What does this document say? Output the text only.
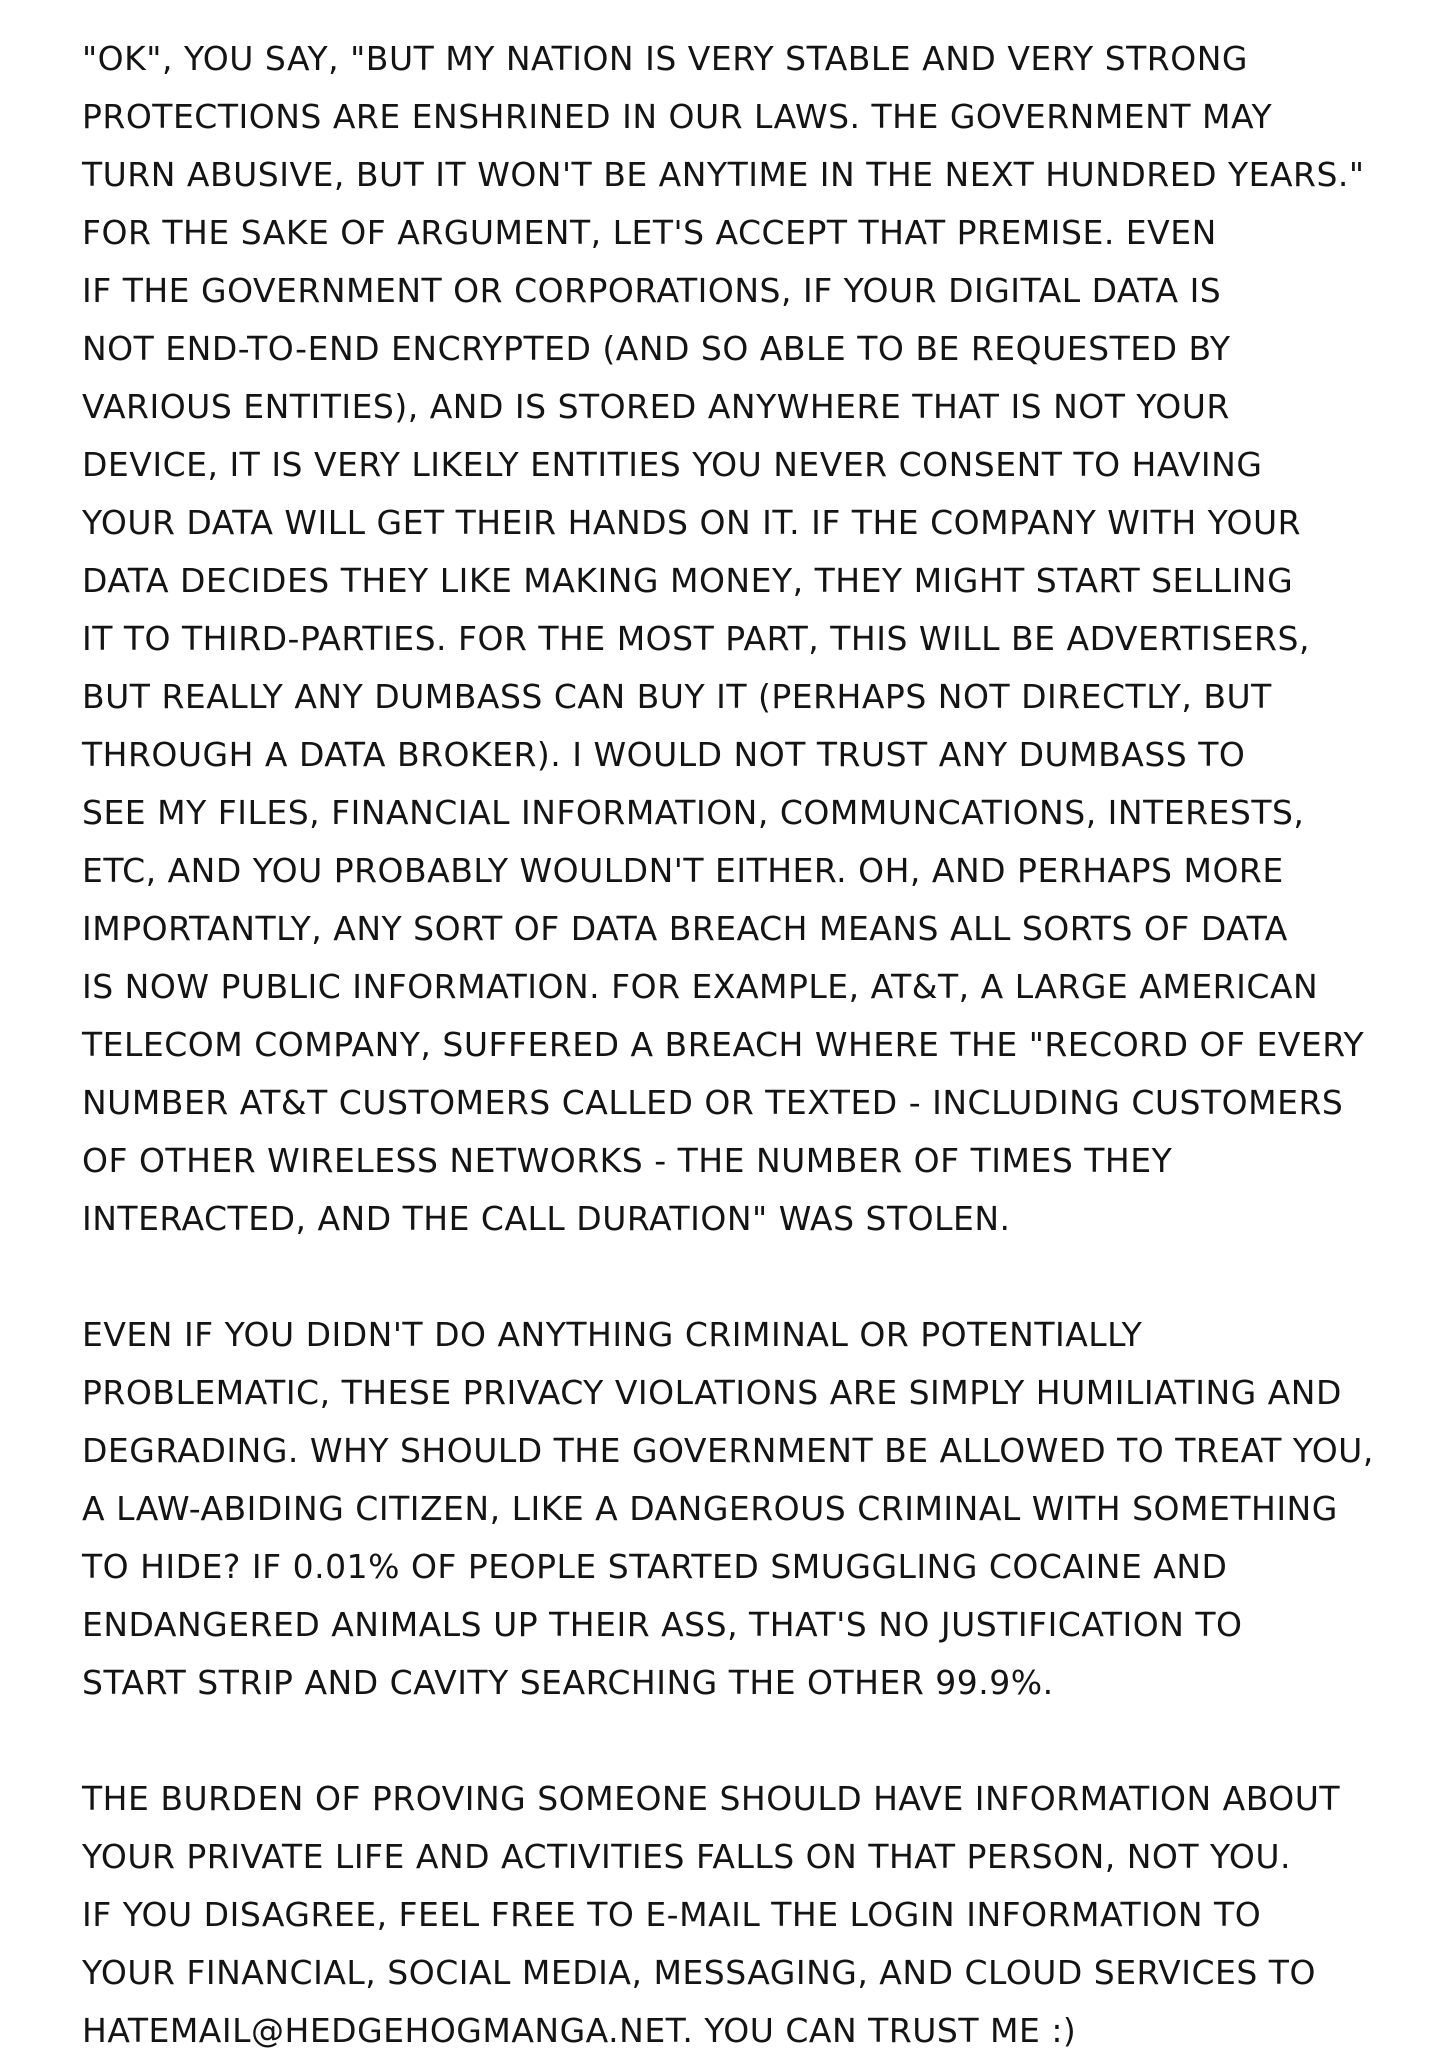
"OK", YOU SAY, "BUT MY NATION IS VERY STABLE AND VERY STRONG
PROTECTIONS ARE ENSHRINED IN OUR LAWS. THE GOVERNMENT MAY
TURN ABUSIVE, BUT IT WON'T BE ANYTIME IN THE NEXT HUNDRED YEARS."
FOR THE SAKE OF ARGUMENT, LET'S ACCEPT THAT PREMISE. EVEN
IF THE GOVERNMENT OR CORPORATIONS, IF YOUR DIGITAL DATA IS
NOT END-TO-END ENCRYPTED (AND SO ABLE TO BE REQUESTED BY
VARIOUS ENTITIES), AND IS STORED ANYWHERE THAT IS NOT YOUR
DEVICE, IT IS VERY LIKELY ENTITIES YOU NEVER CONSENT TO HAVING
YOUR DATA WILL GET THEIR HANDS ON IT. IF THE COMPANY WITH YOUR
DATA DECIDES THEY LIKE MAKING MONEY, THEY MIGHT START SELLING
IT TO THIRD-PARTIES. FOR THE MOST PART, THIS WILL BE ADVERTISERS,
BUT REALLY ANY DUMBASS CAN BUY IT (PERHAPS NOT DIRECTLY, BUT
THROUGH A DATA BROKER). I WOULD NOT TRUST ANY DUMBASS TO
SEE MY FILES, FINANCIAL INFORMATION, COMMUNCATIONS, INTERESTS,
ETC, AND YOU PROBABLY WOULDN'T EITHER. OH, AND PERHAPS MORE
IMPORTANTLY, ANY SORT OF DATA BREACH MEANS ALL SORTS OF DATA
IS NOW PUBLIC INFORMATION. FOR EXAMPLE, AT&T, A LARGE AMERICAN
TELECOM COMPANY, SUFFERED A BREACH WHERE THE "RECORD OF EVERY
NUMBER AT&T CUSTOMERS CALLED OR TEXTED - INCLUDING CUSTOMERS
OF OTHER WIRELESS NETWORKS - THE NUMBER OF TIMES THEY
INTERACTED, AND THE CALL DURATION" WAS STOLEN.
EVEN IF YOU DIDN'T DO ANYTHING CRIMINAL OR POTENTIALLY
PROBLEMATIC, THESE PRIVACY VIOLATIONS ARE SIMPLY HUMILIATING AND
DEGRADING. WHY SHOULD THE GOVERNMENT BE ALLOWED TO TREAT YOU,
A LAW-ABIDING CITIZEN, LIKE A DANGEROUS CRIMINAL WITH SOMETHING
TO HIDE? IF 0.01% OF PEOPLE STARTED SMUGGLING COCAINE AND
ENDANGERED ANIMALS UP THEIR ASS, THAT'S NO JUSTIFICATION TO
START STRIP AND CAVITY SEARCHING THE OTHER 99.9%.
THE BURDEN OF PROVING SOMEONE SHOULD HAVE INFORMATION ABOUT
YOUR PRIVATE LIFE AND ACTIVITIES FALLS ON THAT PERSON, NOT YOU.
IF YOU DISAGREE, FEEL FREE TO E-MAIL THE LOGIN INFORMATION TO
YOUR FINANCIAL, SOCIAL MEDIA, MESSAGING, AND CLOUD SERVICES TO
HATEMAIL@HEDGEHOGMANGA.NET. YOU CAN TRUST ME :)
